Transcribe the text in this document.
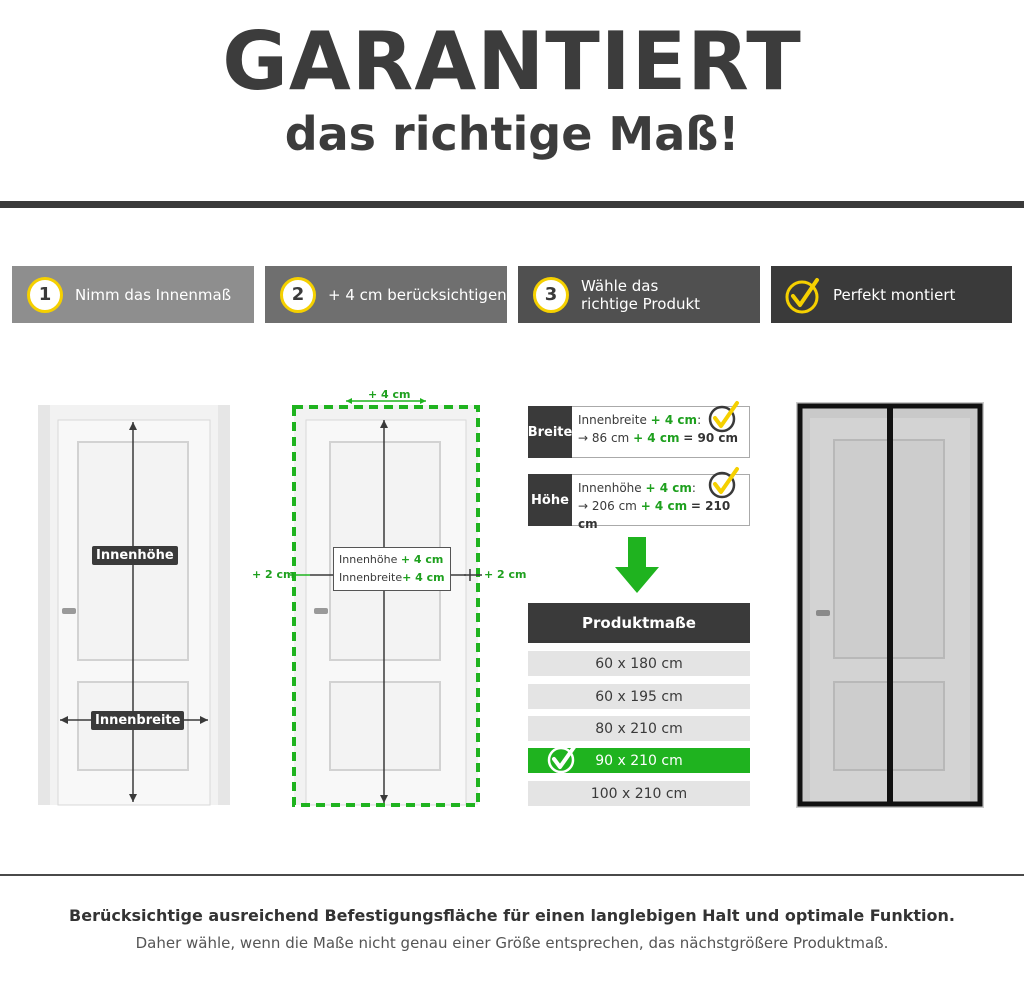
GARANTIERT
das richtige Maß!
1	Nimm das Innenmaß	2	+ 4 cm berücksichtigen	3	Wähle das
richtige Produkt	Perfekt montiert
Innenhöhe
Innenbreite
+ 4 cm
+ 2 cm	+ 2 cm
Innenhöhe + 4 cm
Innenbreite+ 4 cm
Breite
Innenbreite + 4 cm:
→ 86 cm + 4 cm = 90 cm
Höhe
Innenhöhe + 4 cm:
→ 206 cm + 4 cm = 210 cm
Produktmaße
60 x 180 cm
60 x 195 cm
80 x 210 cm
90 x 210 cm
100 x 210 cm
Berücksichtige ausreichend Befestigungsfläche für einen langlebigen Halt und optimale Funktion.
Daher wähle, wenn die Maße nicht genau einer Größe entsprechen, das nächstgrößere Produktmaß.
